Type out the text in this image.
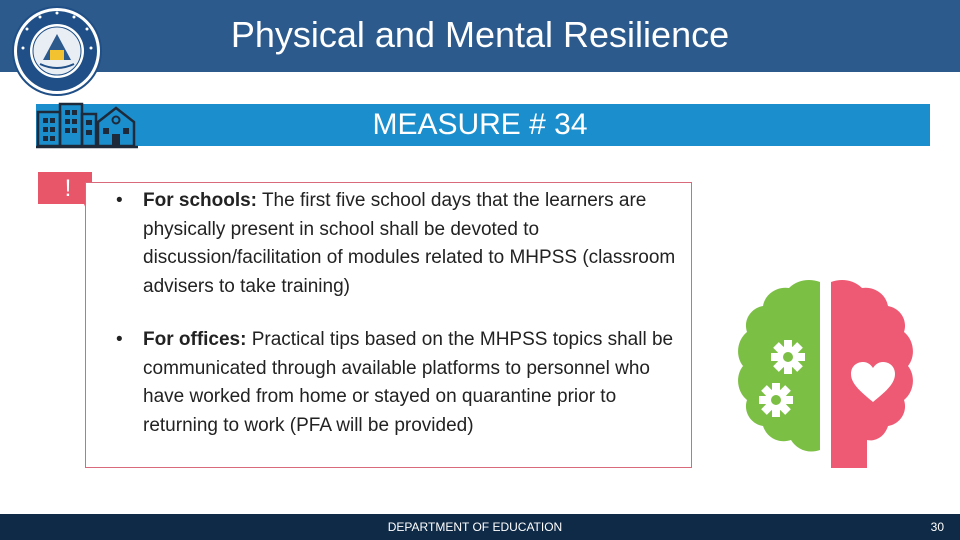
Physical and Mental Resilience
MEASURE # 34
! • For schools: The first five school days that the learners are physically present in school shall be devoted to discussion/facilitation of modules related to MHPSS (classroom advisers to take training)
• For offices: Practical tips based on the MHPSS topics shall be communicated through available platforms to personnel who have worked from home or stayed on quarantine prior to returning to work (PFA will be provided)
DEPARTMENT OF EDUCATION	30
